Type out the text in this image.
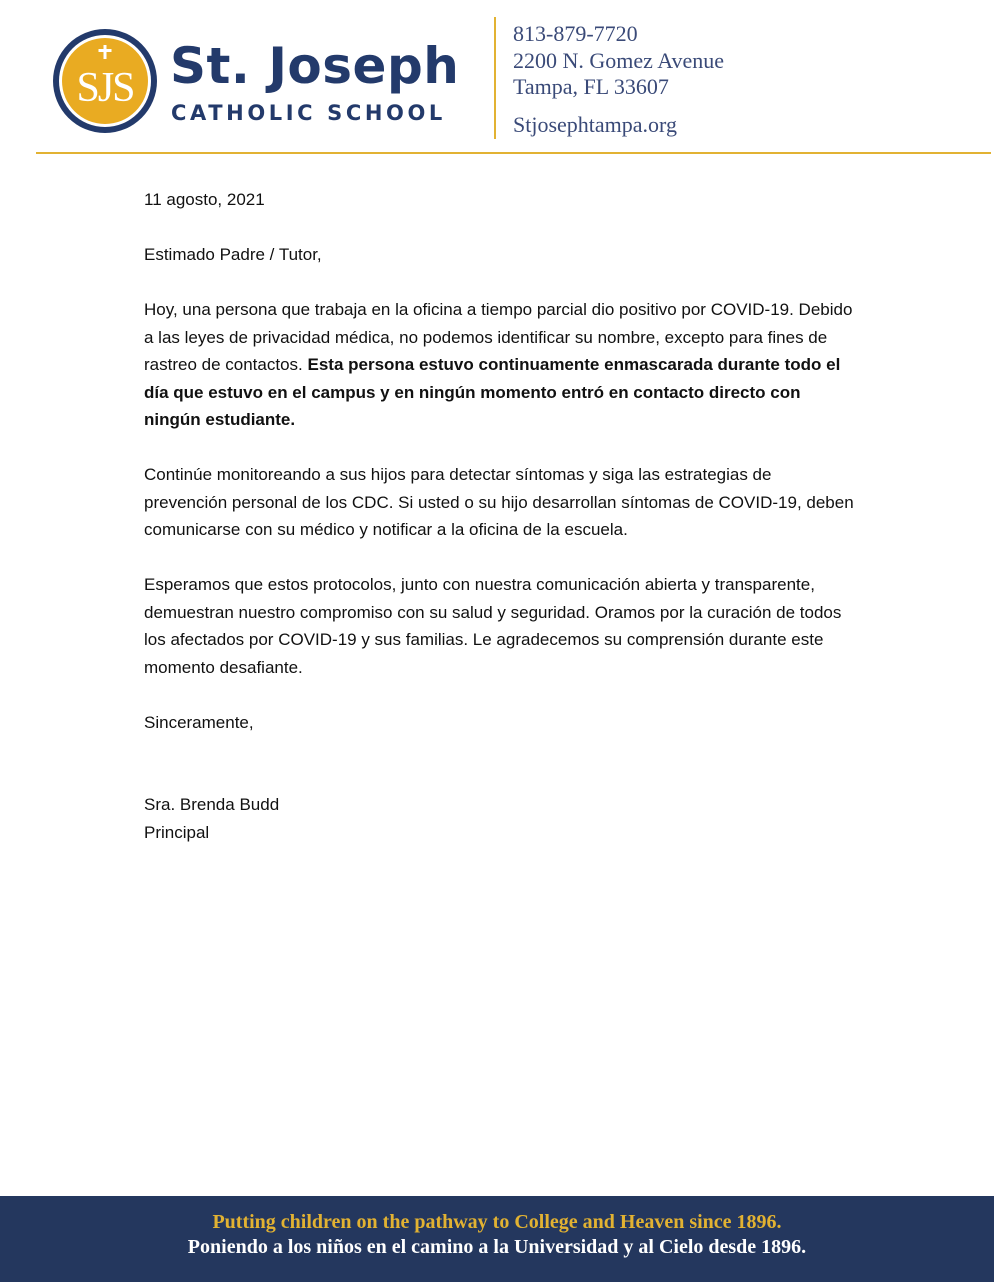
SJS St. Joseph
CATHOLIC SCHOOL
813-879-7720
2200 N. Gomez Avenue
Tampa, FL 33607
Stjosephtampa.org

11 agosto, 2021

Estimado Padre / Tutor,

Hoy, una persona que trabaja en la oficina a tiempo parcial dio positivo por COVID-19. Debido a las leyes de privacidad médica, no podemos identificar su nombre, excepto para fines de rastreo de contactos. Esta persona estuvo continuamente enmascarada durante todo el día que estuvo en el campus y en ningún momento entró en contacto directo con ningún estudiante.

Continúe monitoreando a sus hijos para detectar síntomas y siga las estrategias de prevención personal de los CDC. Si usted o su hijo desarrollan síntomas de COVID-19, deben comunicarse con su médico y notificar a la oficina de la escuela.

Esperamos que estos protocolos, junto con nuestra comunicación abierta y transparente, demuestran nuestro compromiso con su salud y seguridad. Oramos por la curación de todos los afectados por COVID-19 y sus familias. Le agradecemos su comprensión durante este momento desafiante.

Sinceramente,

Sra. Brenda Budd
Principal
Putting children on the pathway to College and Heaven since 1896.
Poniendo a los niños en el camino a la Universidad y al Cielo desde 1896.
